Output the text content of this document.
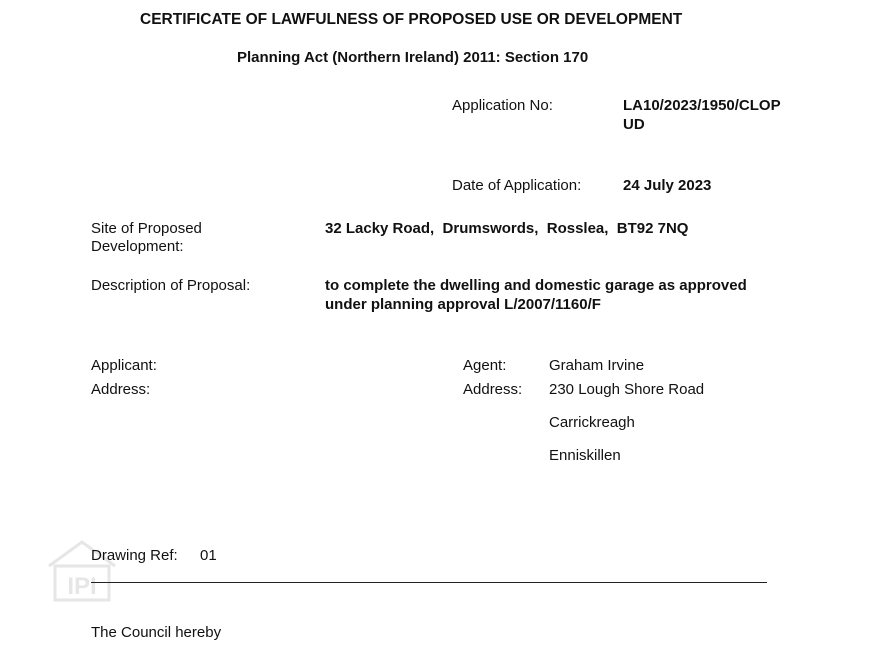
CERTIFICATE OF LAWFULNESS OF PROPOSED USE OR DEVELOPMENT
Planning Act (Northern Ireland) 2011: Section 170
Application No:	LA10/2023/1950/CLOP
UD
Date of Application:	24 July 2023
Site of Proposed
Development:
32 Lacky Road,  Drumswords,  Rosslea,  BT92 7NQ
Description of Proposal:	to complete the dwelling and domestic garage as approved
under planning approval L/2007/1160/F
Applicant:
Address:
Agent:	Graham Irvine
Address: 230 Lough Shore Road
Carrickreagh
Enniskillen
IPI
Drawing Ref: 01
The Council hereby
